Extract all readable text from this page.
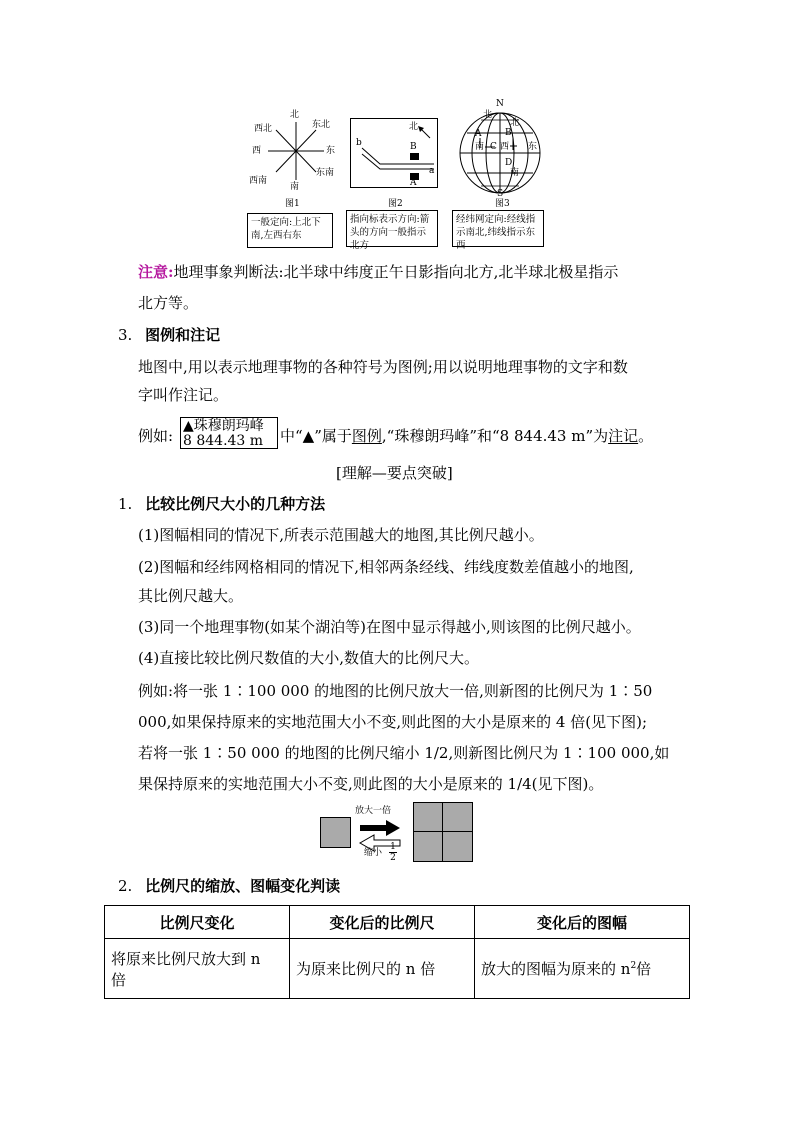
北
南
西	东
西北	东北
西南
东南
图1
一般定向:上北下南,左西右东
北
B
A
b
a
图2
指向标表示方向:箭头的方向一般指示北方
N
S
北
北
A
C
B
D
南 西 东
南
图3
经纬网定向:经线指示南北,纬线指示东西
注意:地理事象判断法:北半球中纬度正午日影指向北方,北半球北极星指示
北方等。
3. 图例和注记
地图中,用以表示地理事物的各种符号为图例;用以说明地理事物的文字和数
字叫作注记。
例如:
▲珠穆朗玛峰
8 844.43 m	中“▲”属于图例,“珠穆朗玛峰”和“8 844.43 m”为注记。
[理解—要点突破]
1. 比较比例尺大小的几种方法
(1)图幅相同的情况下,所表示范围越大的地图,其比例尺越小。
(2)图幅和经纬网格相同的情况下,相邻两条经线、纬线度数差值越小的地图,
其比例尺越大。
(3)同一个地理事物(如某个湖泊等)在图中显示得越小,则该图的比例尺越小。
(4)直接比较比例尺数值的大小,数值大的比例尺大。
例如:将一张 1∶100 000 的地图的比例尺放大一倍,则新图的比例尺为 1∶50
000,如果保持原来的实地范围大小不变,则此图的大小是原来的 4 倍(见下图);
若将一张 1∶50 000 的地图的比例尺缩小 1/2,则新图比例尺为 1∶100 000,如
果保持原来的实地范围大小不变,则此图的大小是原来的 1/4(见下图)。
放大一倍
缩小 $\frac{1}{2}$
2. 比例尺的缩放、图幅变化判读
比例尺变化	变化后的比例尺	变化后的图幅

将原来比例尺放大到 n
倍	为原来比例尺的 n 倍	放大的图幅为原来的 $n^2$倍
